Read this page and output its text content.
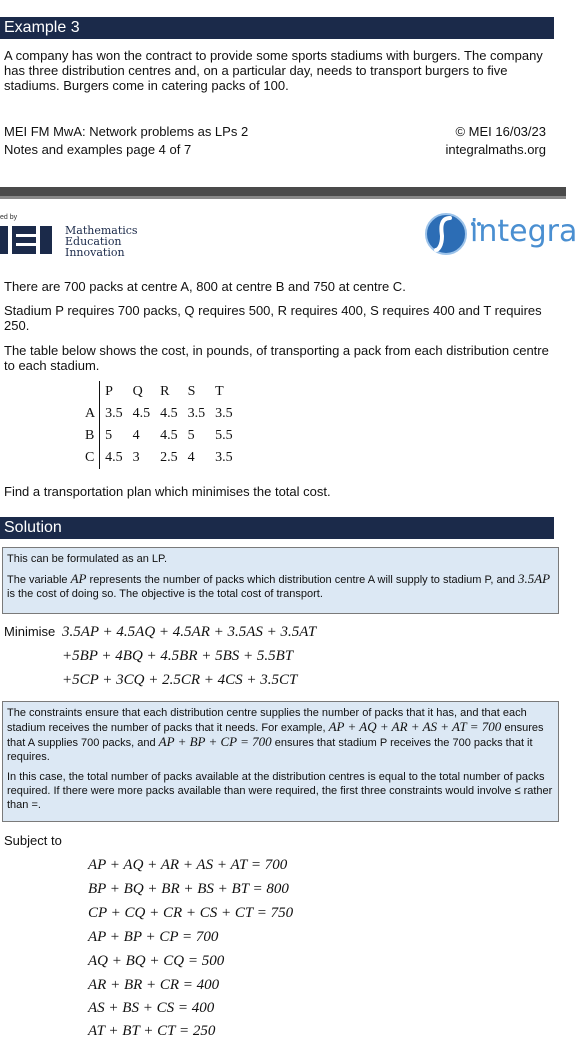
Example 3

A company has won the contract to provide some sports stadiums with burgers. The company has three distribution centres and, on a particular day, needs to transport burgers to five stadiums. Burgers come in catering packs of 100.

MEI FM MwA: Network problems as LPs 2
Notes and examples page 4 of 7
© MEI 16/03/23
integralmaths.org
ed by
Mathematics
Education
Innovation
integra

There are 700 packs at centre A, 800 at centre B and 750 at centre C.

Stadium P requires 700 packs, Q requires 500, R requires 400, S requires 400 and T requires 250.

The table below shows the cost, in pounds, of transporting a pack from each distribution centre to each stadium.

	P	Q	R	S	T
A	3.5	4.5	4.5	3.5	3.5
B	5	4	4.5	5	5.5
C	4.5	3	2.5	4	3.5

Find a transportation plan which minimises the total cost.

Solution

This can be formulated as an LP.

The variable AP represents the number of packs which distribution centre A will supply to stadium P, and 3.5AP is the cost of doing so. The objective is the total cost of transport.

Minimise 3.5AP + 4.5AQ + 4.5AR + 3.5AS + 3.5AT
+5BP + 4BQ + 4.5BR + 5BS + 5.5BT
+5CP + 3CQ + 2.5CR + 4CS + 3.5CT

The constraints ensure that each distribution centre supplies the number of packs that it has, and that each stadium receives the number of packs that it needs. For example, AP + AQ + AR + AS + AT = 700 ensures that A supplies 700 packs, and AP + BP + CP = 700 ensures that stadium P receives the 700 packs that it requires.

In this case, the total number of packs available at the distribution centres is equal to the total number of packs required. If there were more packs available than were required, the first three constraints would involve ≤ rather than =.

Subject to
AP + AQ + AR + AS + AT = 700
BP + BQ + BR + BS + BT = 800
CP + CQ + CR + CS + CT = 750
AP + BP + CP = 700
AQ + BQ + CQ = 500
AR + BR + CR = 400
AS + BS + CS = 400
AT + BT + CT = 250
